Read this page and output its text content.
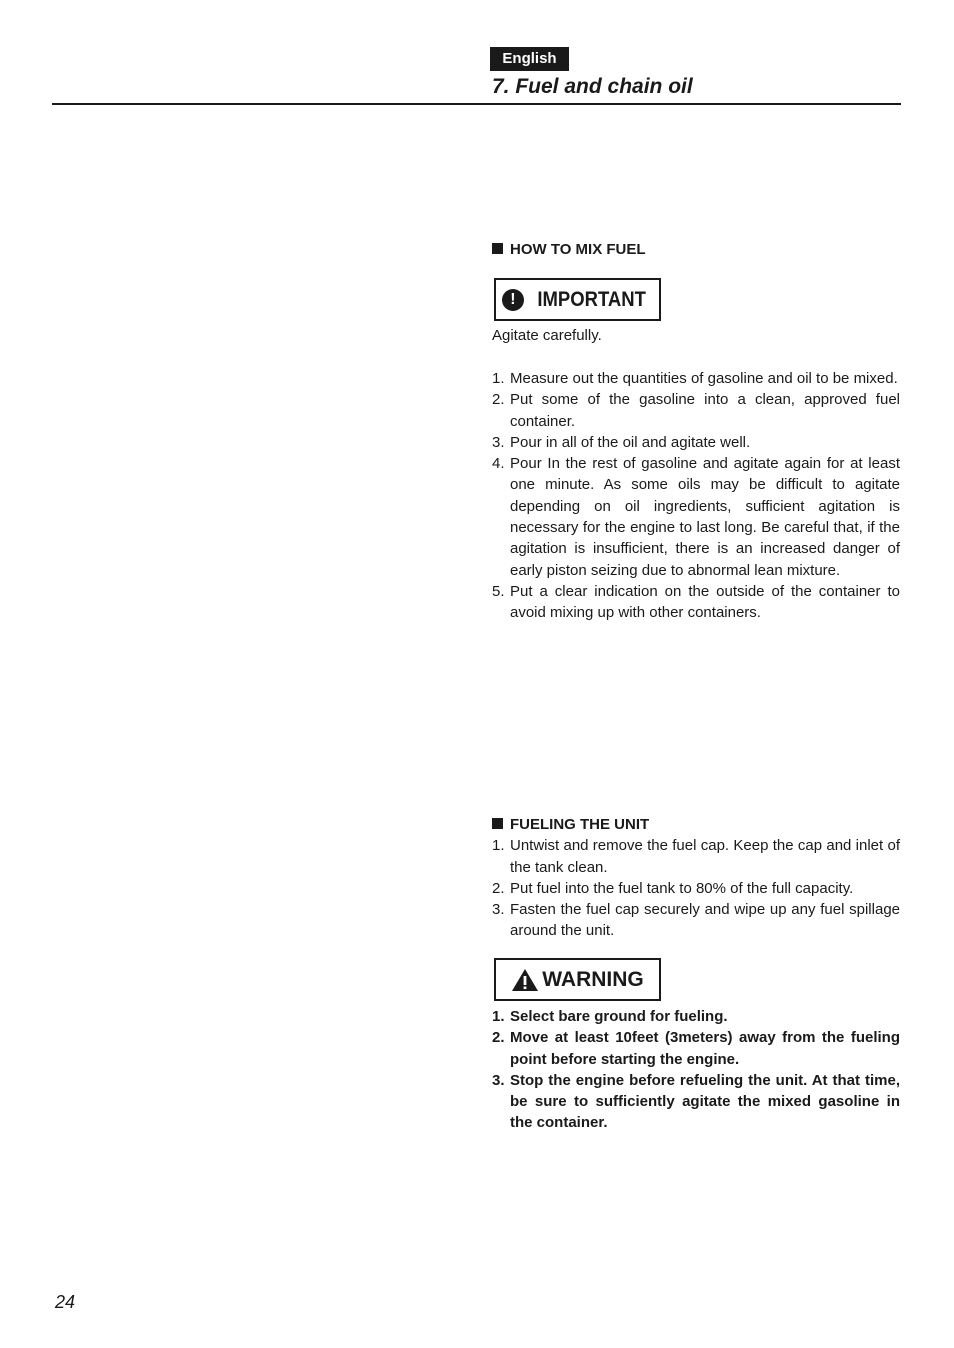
English
7. Fuel and chain oil
HOW TO MIX FUEL
!	IMPORTANT
Agitate carefully.
1. Measure out the quantities of gasoline and oil to be mixed.
2. Put some of the gasoline into a clean, approved fuel container.
3. Pour in all of the oil and agitate well.
4. Pour In the rest of gasoline and agitate again for at least one minute. As some oils may be difficult to agitate depending on oil ingredients, sufficient agitation is necessary for the engine to last long. Be careful that, if the agitation is insufficient, there is an increased danger of early piston seizing due to abnormal lean mixture.
5. Put a clear indication on the outside of the container to avoid mixing up with other containers.
FUELING THE UNIT
1. Untwist and remove the fuel cap. Keep the cap and inlet of the tank clean.
2. Put fuel into the fuel tank to 80% of the full capacity.
3. Fasten the fuel cap securely and wipe up any fuel spillage around the unit.
WARNING
1. Select bare ground for fueling.
2. Move at least 10feet (3meters) away from the fueling point before starting the engine.
3. Stop the engine before refueling the unit. At that time, be sure to sufficiently agitate the mixed gasoline in the container.
24
